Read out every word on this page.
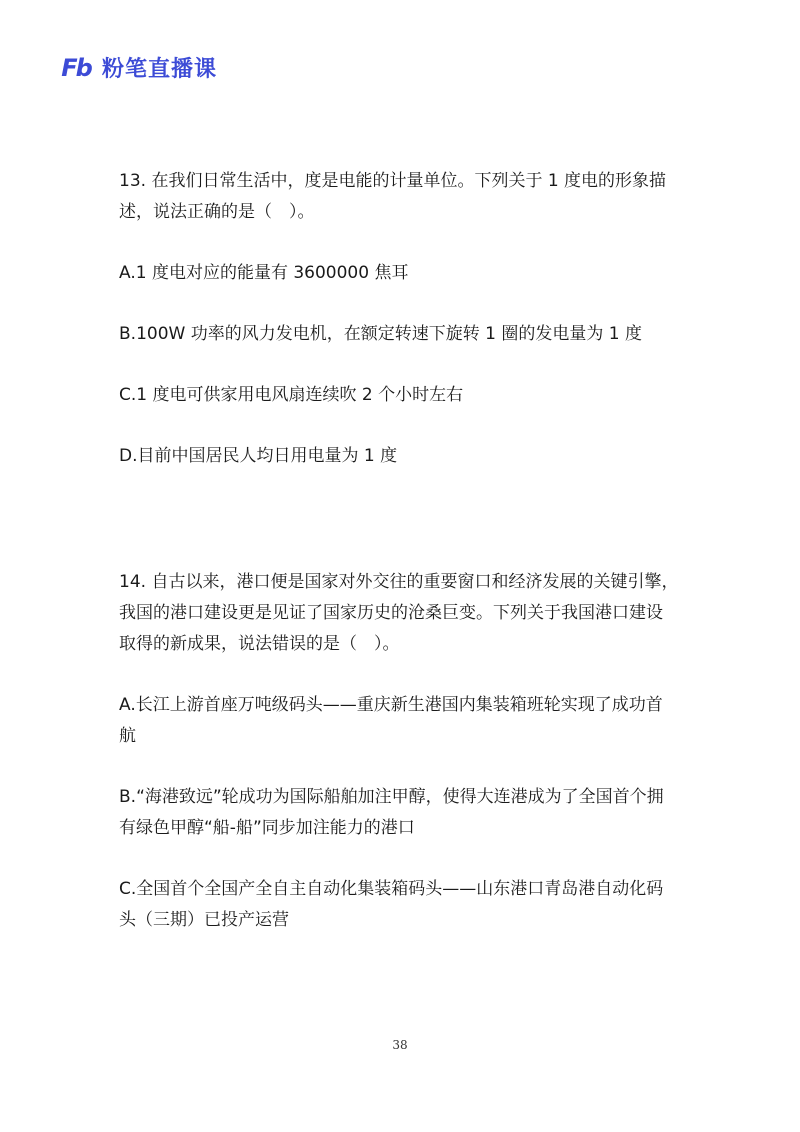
Fb 粉笔直播课

13. 在我们日常生活中，度是电能的计量单位。下列关于 1 度电的形象描述，说法正确的是（　）。

A.1 度电对应的能量有 3600000 焦耳

B.100W 功率的风力发电机，在额定转速下旋转 1 圈的发电量为 1 度

C.1 度电可供家用电风扇连续吹 2 个小时左右

D.目前中国居民人均日用电量为 1 度

14. 自古以来，港口便是国家对外交往的重要窗口和经济发展的关键引擎，我国的港口建设更是见证了国家历史的沧桑巨变。下列关于我国港口建设取得的新成果，说法错误的是（　）。

A.长江上游首座万吨级码头——重庆新生港国内集装箱班轮实现了成功首航

B.“海港致远”轮成功为国际船舶加注甲醇，使得大连港成为了全国首个拥有绿色甲醇“船-船”同步加注能力的港口

C.全国首个全国产全自主自动化集装箱码头——山东港口青岛港自动化码头（三期）已投产运营

38
